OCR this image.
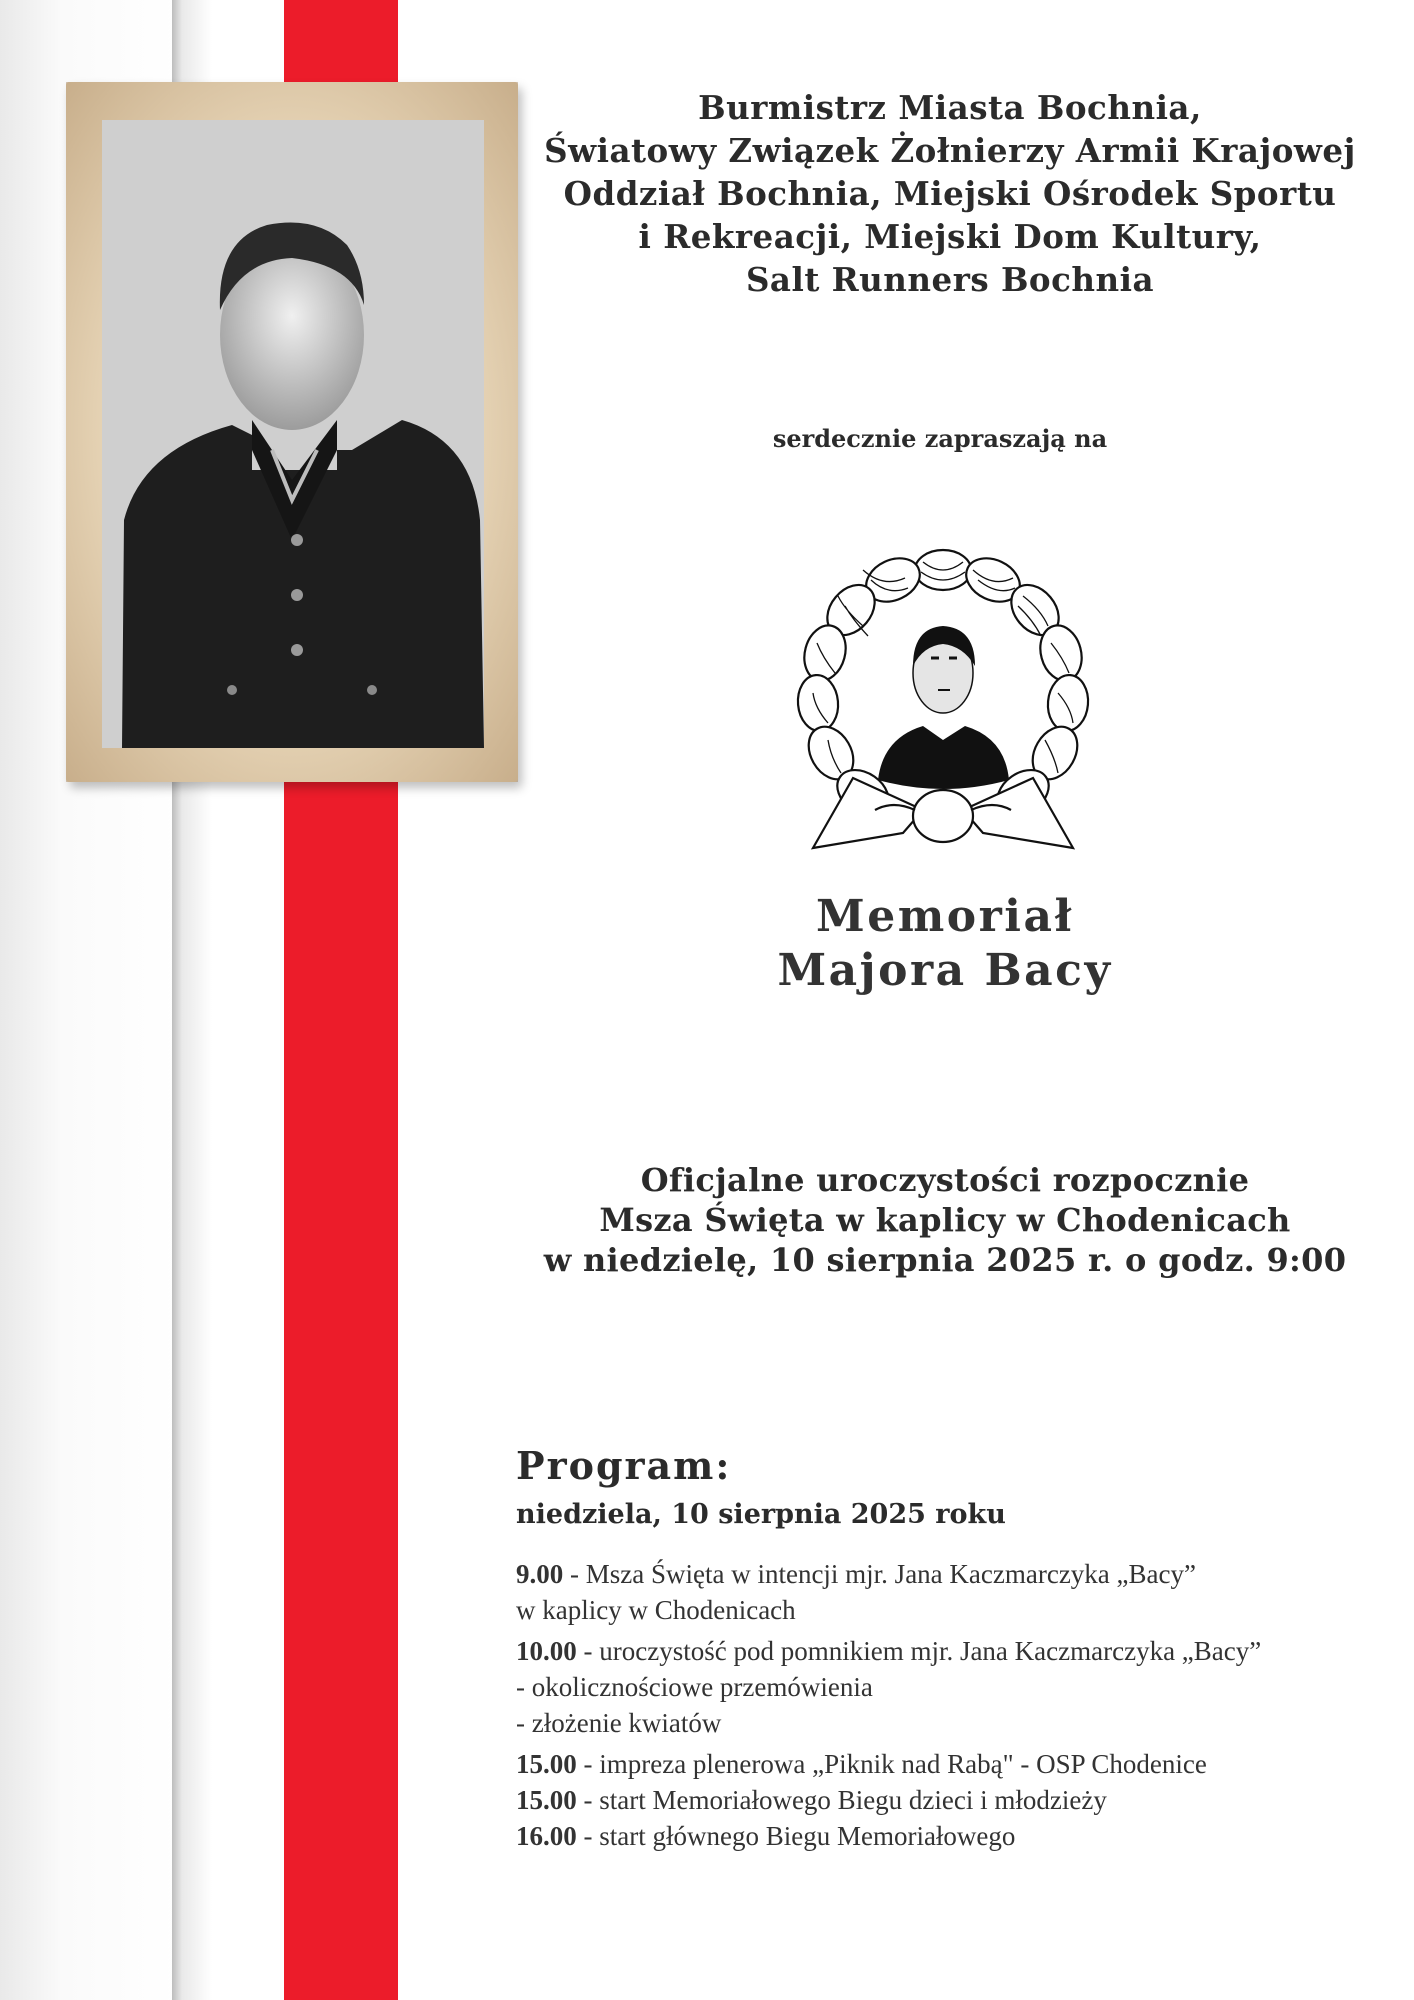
Burmistrz Miasta Bochnia,
Światowy Związek Żołnierzy Armii Krajowej
Oddział Bochnia, Miejski Ośrodek Sportu
i Rekreacji, Miejski Dom Kultury,
Salt Runners Bochnia
serdecznie zapraszają na
Memoriał
Majora Bacy
Oficjalne uroczystości rozpocznie
Msza Święta w kaplicy w Chodenicach
w niedzielę, 10 sierpnia 2025 r. o godz. 9:00
Program:
niedziela, 10 sierpnia 2025 roku
9.00 - Msza Święta w intencji mjr. Jana Kaczmarczyka „Bacy”
w kaplicy w Chodenicach
10.00 - uroczystość pod pomnikiem mjr. Jana Kaczmarczyka „Bacy”
- okolicznościowe przemówienia
- złożenie kwiatów
15.00 - impreza plenerowa „Piknik nad Rabą" - OSP Chodenice
15.00 - start Memoriałowego Biegu dzieci i młodzieży
16.00 - start głównego Biegu Memoriałowego
